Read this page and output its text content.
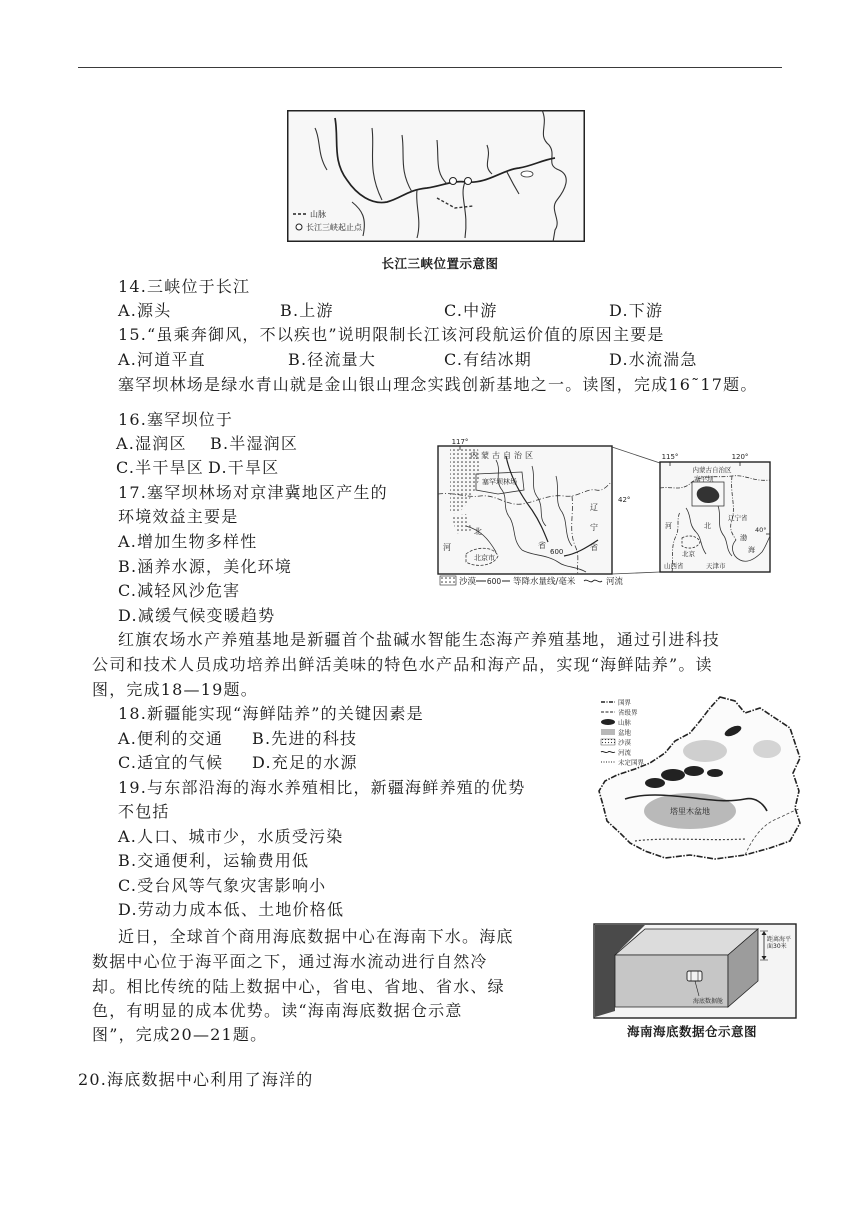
山脉
长江三峡起止点
长江三峡位置示意图
14.三峡位于长江
A.源头	B.上游	C.中游	D.下游
15.“虽乘奔御风，不以疾也”说明限制长江该河段航运价值的原因主要是
A.河道平直	B.径流量大	C.有结冰期	D.水流湍急
塞罕坝林场是绿水青山就是金山银山理念实践创新基地之一。读图，完成16˜17题。
16.塞罕坝位于
A.湿润区 B.半湿润区
C.半干旱区 D.干旱区
17.塞罕坝林场对京津冀地区产生的
环境效益主要是
A.增加生物多样性
B.涵养水源，美化环境
C.减轻风沙危害
D.减缓气候变暖趋势
117°
42°
内蒙古自治区
塞罕坝林场
河
北
省
辽
宁
省
北京市
600
115°	120°
内蒙古自治区
塞罕坝
辽宁省
40°
河	北
北京
渤
海
山西省	天津市
沙漠 600 等降水量线/毫米	河流
红旗农场水产养殖基地是新疆首个盐碱水智能生态海产养殖基地，通过引进科技
公司和技术人员成功培养出鲜活美味的特色水产品和海产品，实现“海鲜陆养”。读
图，完成18—19题。
18.新疆能实现“海鲜陆养”的关键因素是
A.便利的交通 B.先进的科技
C.适宜的气候 D.充足的水源
19.与东部沿海的海水养殖相比，新疆海鲜养殖的优势
不包括
A.人口、城市少，水质受污染
B.交通便利，运输费用低
C.受台风等气象灾害影响小
D.劳动力成本低、土地价格低
塔里木盆地
国界
省级界
山脉
盆地
沙漠
河流
未定国界
近日，全球首个商用海底数据中心在海南下水。海底
数据中心位于海平面之下，通过海水流动进行自然冷
却。相比传统的陆上数据中心，省电、省地、省水、绿
色，有明显的成本优势。读“海南海底数据仓示意
图”，完成20—21题。
海底数据舱
距离海平面30米
海南海底数据仓示意图
20.海底数据中心利用了海洋的
